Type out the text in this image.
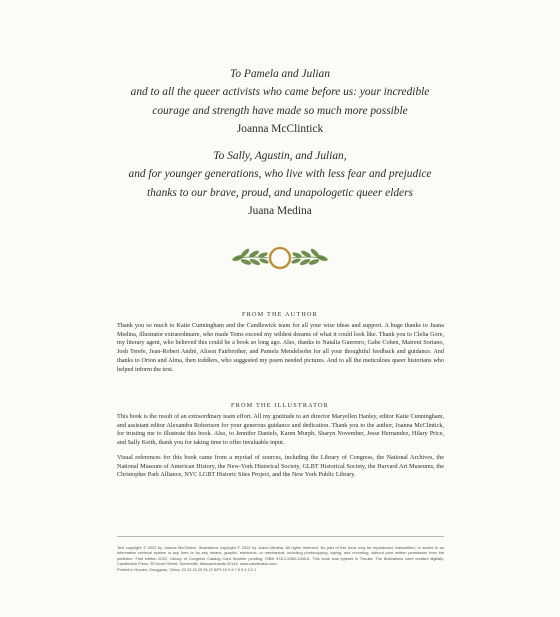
To Pamela and Julian
and to all the queer activists who came before us: your incredible
courage and strength have made so much more possible
Joanna McClintick
To Sally, Agustin, and Julian,
and for younger generations, who live with less fear and prejudice
thanks to our brave, proud, and unapologetic queer elders
Juana Medina
FROM THE AUTHOR
Thank you so much to Katie Cunningham and the Candlewick team for all your wise ideas and support. A huge thanks to Juana Medina, illustrator extraordinaire, who made Toms exceed my wildest dreams of what it could look like. Thank you to Clelia Gore, my literary agent, who believed this could be a book so long ago. Also, thanks to Natalia Guerrero, Gabe Cohen, Mairent Soriano, Josh Terefe, Jean-Robert André, Alison Fairbrother, and Pamela Mendelsohn for all your thoughtful feedback and guidance. And thanks to Orion and Alma, then toddlers, who suggested my poem needed pictures. And to all the meticulous queer historians who helped inform the text.
FROM THE ILLUSTRATOR
This book is the result of an extraordinary team effort. All my gratitude to art director Maryellen Hanley, editor Katie Cunningham, and assistant editor Alexandra Robertson for your generous guidance and dedication. Thank you to the author, Joanna McClintick, for trusting me to illustrate this book. Also, to Jennifer Daniels, Karen Murph, Sharyn November, Jesse Hernandez, Hilary Price, and Sally Keith, thank you for taking time to offer invaluable input.
Visual references for this book came from a myriad of sources, including the Library of Congress, the National Archives, the National Museum of American History, the New-York Historical Society, GLBT Historical Society, the Harvard Art Museums, the Christopher Park Alliance, NYC LGBT Historic Sites Project, and the New York Public Library.
Text copyright © 2022 by Joanna McClintick. Illustrations copyright © 2022 by Juana Medina. All rights reserved. No part of this book may be reproduced, transmitted, or stored in an information retrieval system in any form or by any means, graphic, electronic, or mechanical, including photocopying, taping, and recording, without prior written permission from the publisher. First edition 2022. Library of Congress Catalog Card Number pending. ISBN 978-1-5362-1345-6. This book was typeset in Tiroulia. The illustrations were created digitally. Candlewick Press, 99 Dover Street, Somerville, Massachusetts 02144. www.candlewick.com
Printed in Humen, Dongguan, China. 22 23 24 25 26 27 APS 10 9 8 7 6 5 4 3 2 1
